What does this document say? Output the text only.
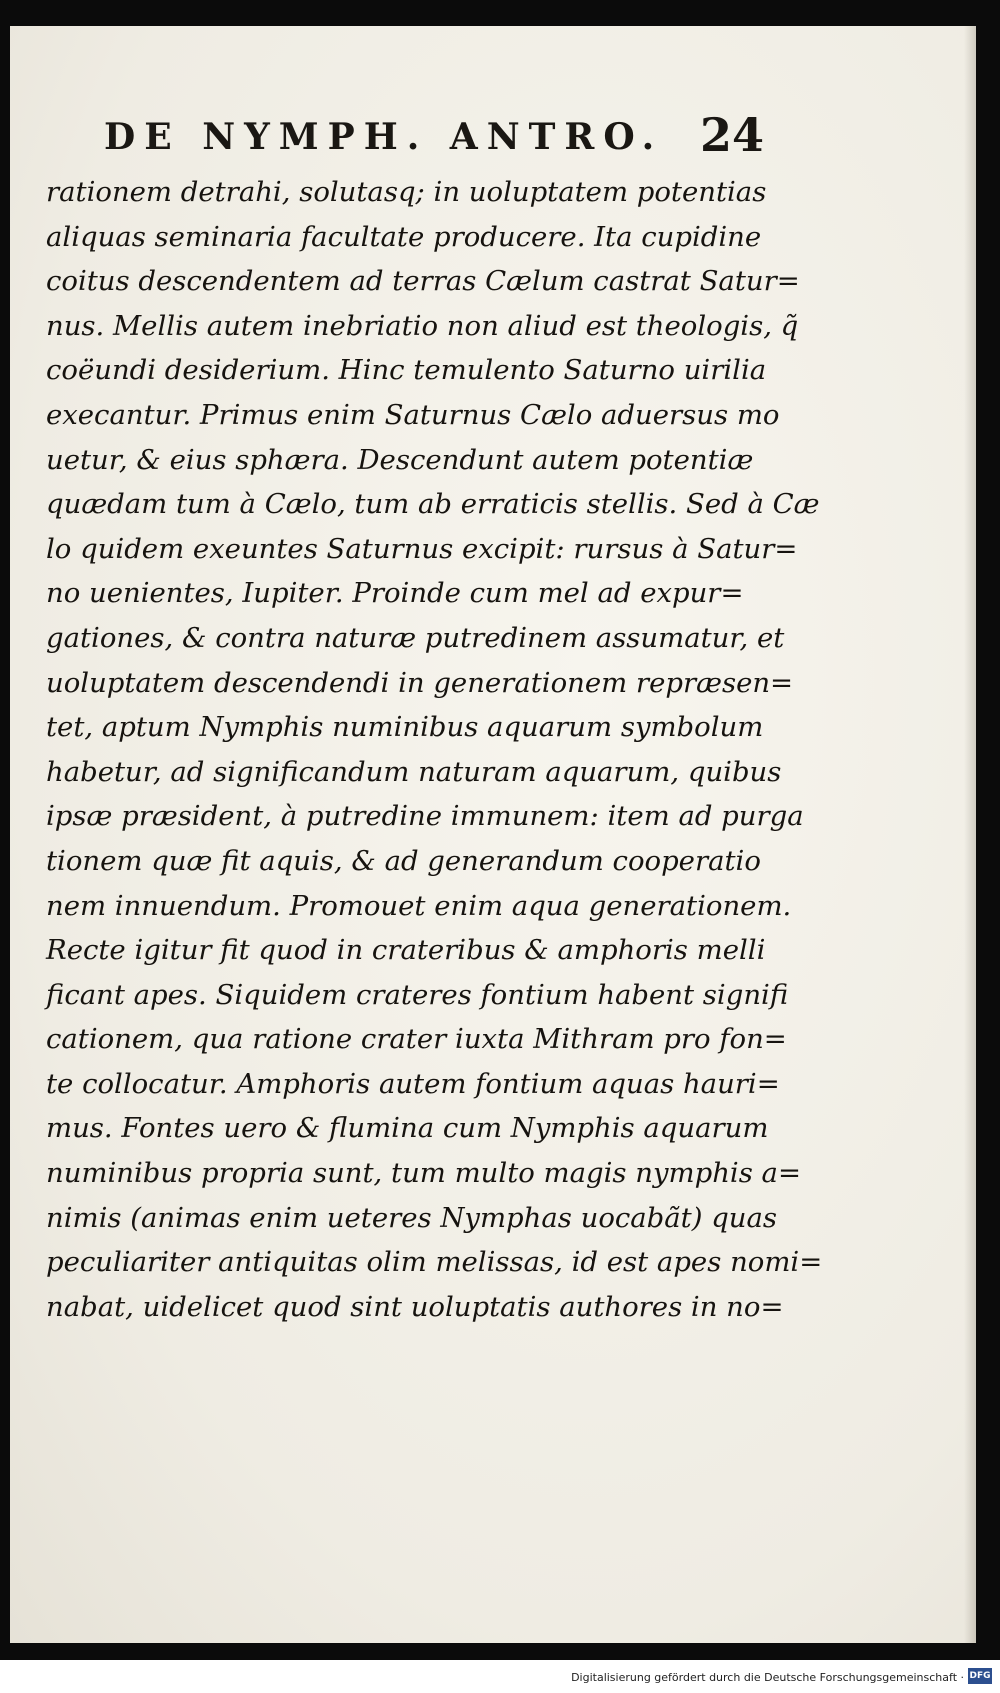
DE NYMPH. ANTRO. 24
rationem detrahi, solutasq; in uoluptatem potentias
aliquas seminaria facultate producere. Ita cupidine
coitus descendentem ad terras Cælum castrat Satur=
nus. Mellis autem inebriatio non aliud est theologis, q̃
coëundi desiderium. Hinc temulento Saturno uirilia
execantur. Primus enim Saturnus Cælo aduersus mo
uetur, & eius sphæra. Descendunt autem potentiæ
quædam tum à Cælo, tum ab erraticis stellis. Sed à Cæ
lo quidem exeuntes Saturnus excipit: rursus à Satur=
no uenientes, Iupiter. Proinde cum mel ad expur=
gationes, & contra naturæ putredinem assumatur, et
uoluptatem descendendi in generationem repræsen=
tet, aptum Nymphis numinibus aquarum symbolum
habetur, ad significandum naturam aquarum, quibus
ipsæ præsident, à putredine immunem: item ad purga
tionem quæ fit aquis, & ad generandum cooperatio
nem innuendum. Promouet enim aqua generationem.
Recte igitur fit quod in crateribus & amphoris melli
ficant apes. Siquidem crateres fontium habent signifi
cationem, qua ratione crater iuxta Mithram pro fon=
te collocatur. Amphoris autem fontium aquas hauri=
mus. Fontes uero & flumina cum Nymphis aquarum
numinibus propria sunt, tum multo magis nymphis a=
nimis (animas enim ueteres Nymphas uocabãt) quas
peculiariter antiquitas olim melissas, id est apes nomi=
nabat, uidelicet quod sint uoluptatis authores in no=
Digitalisierung gefördert durch die Deutsche Forschungsgemeinschaft · DFG
